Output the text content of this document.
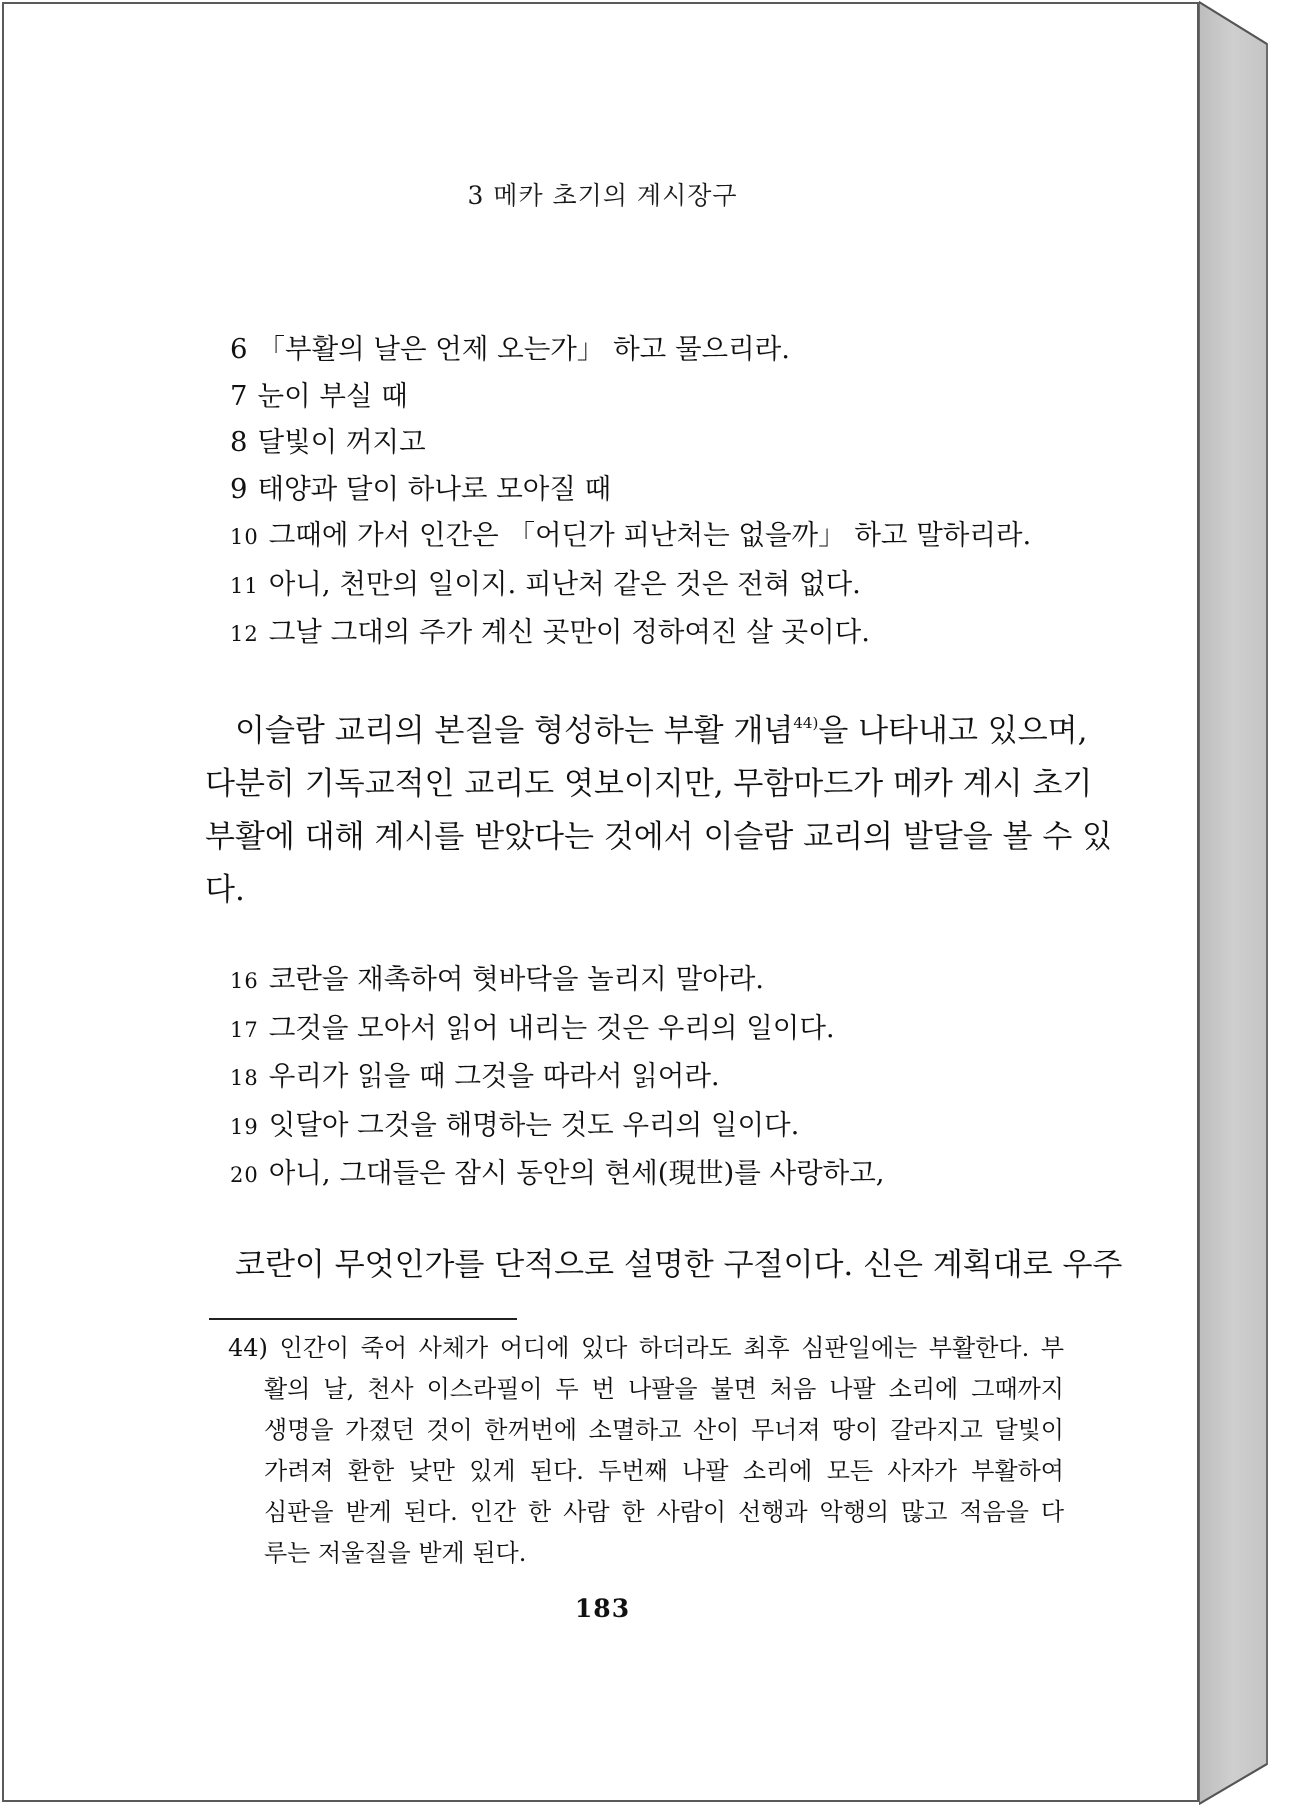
3 메카 초기의 계시장구
6 「부활의 날은 언제 오는가」 하고 물으리라.
7 눈이 부실 때
8 달빛이 꺼지고
9 태양과 달이 하나로 모아질 때
10 그때에 가서 인간은 「어딘가 피난처는 없을까」 하고 말하리라.
11 아니, 천만의 일이지. 피난처 같은 것은 전혀 없다.
12 그날 그대의 주가 계신 곳만이 정하여진 살 곳이다.
이슬람 교리의 본질을 형성하는 부활 개념$^{44)}$을 나타내고 있으며,
다분히 기독교적인 교리도 엿보이지만, 무함마드가 메카 계시 초기
부활에 대해 계시를 받았다는 것에서 이슬람 교리의 발달을 볼 수 있
다.
16 코란을 재촉하여 혓바닥을 놀리지 말아라.
17 그것을 모아서 읽어 내리는 것은 우리의 일이다.
18 우리가 읽을 때 그것을 따라서 읽어라.
19 잇달아 그것을 해명하는 것도 우리의 일이다.
20 아니, 그대들은 잠시 동안의 현세(現世)를 사랑하고,
코란이 무엇인가를 단적으로 설명한 구절이다. 신은 계획대로 우주
44) 인간이 죽어 사체가 어디에 있다 하더라도 최후 심판일에는 부활한다. 부
활의 날, 천사 이스라필이 두 번 나팔을 불면 처음 나팔 소리에 그때까지
생명을 가졌던 것이 한꺼번에 소멸하고 산이 무너져 땅이 갈라지고 달빛이
가려져 환한 낮만 있게 된다. 두번째 나팔 소리에 모든 사자가 부활하여
심판을 받게 된다. 인간 한 사람 한 사람이 선행과 악행의 많고 적음을 다
루는 저울질을 받게 된다.
183
